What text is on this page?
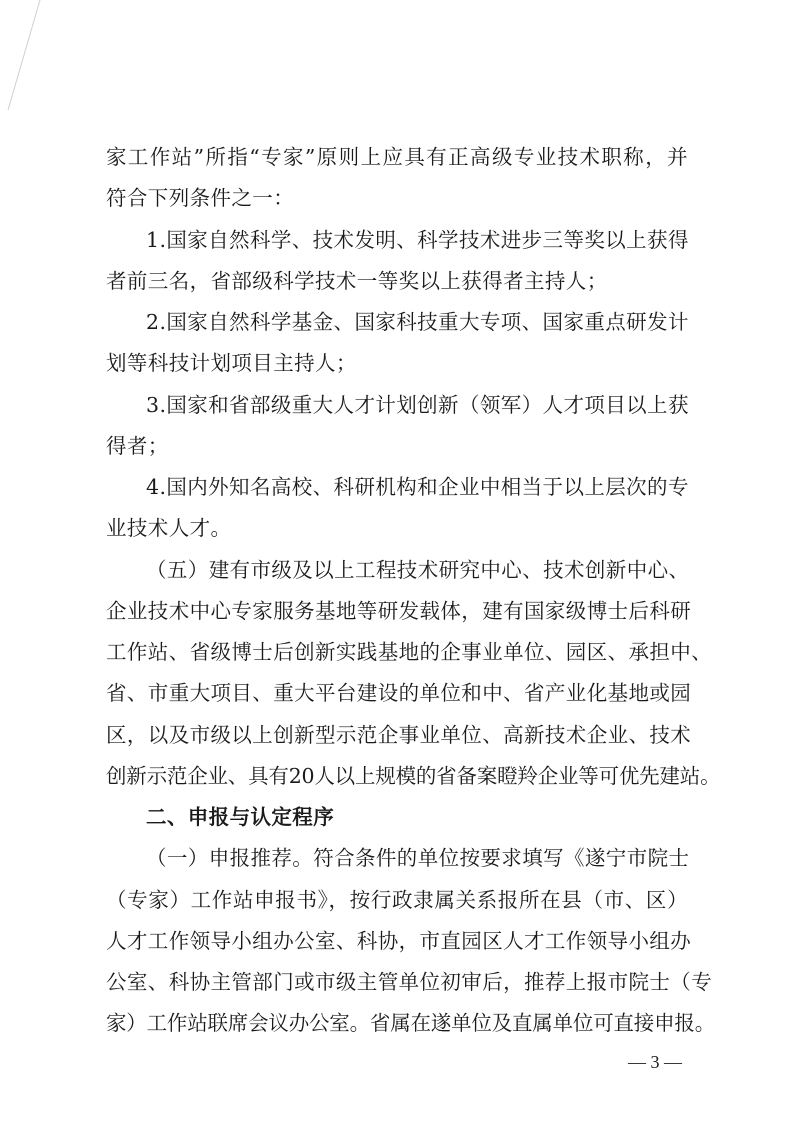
家工作站”所指“专家”原则上应具有正高级专业技术职称，并
符合下列条件之一：
1.国家自然科学、技术发明、科学技术进步三等奖以上获得
者前三名，省部级科学技术一等奖以上获得者主持人；
2.国家自然科学基金、国家科技重大专项、国家重点研发计
划等科技计划项目主持人；
3.国家和省部级重大人才计划创新（领军）人才项目以上获
得者；
4.国内外知名高校、科研机构和企业中相当于以上层次的专
业技术人才。
（五）建有市级及以上工程技术研究中心、技术创新中心、
企业技术中心专家服务基地等研发载体，建有国家级博士后科研
工作站、省级博士后创新实践基地的企事业单位、园区、承担中、
省、市重大项目、重大平台建设的单位和中、省产业化基地或园
区，以及市级以上创新型示范企事业单位、高新技术企业、技术
创新示范企业、具有20人以上规模的省备案瞪羚企业等可优先建站。
二、申报与认定程序
（一）申报推荐。符合条件的单位按要求填写《遂宁市院士
（专家）工作站申报书》，按行政隶属关系报所在县（市、区）
人才工作领导小组办公室、科协，市直园区人才工作领导小组办
公室、科协主管部门或市级主管单位初审后，推荐上报市院士（专
家）工作站联席会议办公室。省属在遂单位及直属单位可直接申报。
— 3 —
